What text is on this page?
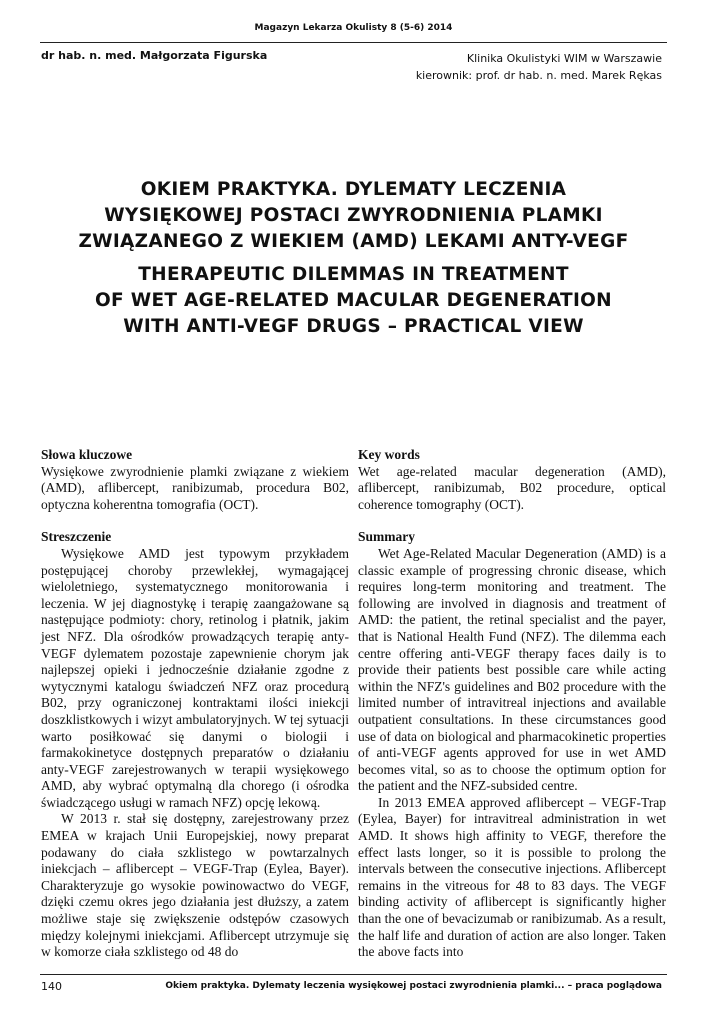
Magazyn Lekarza Okulisty 8 (5-6) 2014
dr hab. n. med. Małgorzata Figurska	Klinika Okulistyki WIM w Warszawie
kierownik: prof. dr hab. n. med. Marek Rękas
OKIEM PRAKTYKA. DYLEMATY LECZENIA
WYSIĘKOWEJ POSTACI ZWYRODNIENIA PLAMKI
ZWIĄZANEGO Z WIEKIEM (AMD) LEKAMI ANTY-VEGF
THERAPEUTIC DILEMMAS IN TREATMENT
OF WET AGE-RELATED MACULAR DEGENERATION
WITH ANTI-VEGF DRUGS – PRACTICAL VIEW
Słowa kluczowe

Wysiękowe zwyrodnienie plamki związane z wiekiem (AMD), aflibercept, ranibizumab, procedura B02, optyczna koherentna tomografia (OCT).

Streszczenie

Wysiękowe AMD jest typowym przykładem postępującej choroby przewlekłej, wymagającej wieloletniego, systematycznego monitorowania i leczenia. W jej diagnostykę i terapię zaangażowane są następujące podmioty: chory, retinolog i płatnik, jakim jest NFZ. Dla ośrodków prowadzących terapię anty-VEGF dylematem pozostaje zapewnienie chorym jak najlepszej opieki i jednocześnie działanie zgodne z wytycznymi katalogu świadczeń NFZ oraz procedurą B02, przy ograniczonej kontraktami ilości iniekcji doszklistkowych i wizyt ambulatoryjnych. W tej sytuacji warto posiłkować się danymi o biologii i farmakokinetyce dostępnych preparatów o działaniu anty-VEGF zarejestrowanych w terapii wysiękowego AMD, aby wybrać optymalną dla chorego (i ośrodka świadczącego usługi w ramach NFZ) opcję lekową.

W 2013 r. stał się dostępny, zarejestrowany przez EMEA w krajach Unii Europejskiej, nowy preparat podawany do ciała szklistego w powtarzalnych iniekcjach – aflibercept – VEGF-Trap (Eylea, Bayer). Charakteryzuje go wysokie powinowactwo do VEGF, dzięki czemu okres jego działania jest dłuższy, a zatem możliwe staje się zwiększenie odstępów czasowych między kolejnymi iniekcjami. Aflibercept utrzymuje się w komorze ciała szklistego od 48 do

Key words

Wet age-related macular degeneration (AMD), aflibercept, ranibizumab, B02 procedure, optical coherence tomography (OCT).

Summary

Wet Age-Related Macular Degeneration (AMD) is a classic example of progressing chronic disease, which requires long-term monitoring and treatment. The following are involved in diagnosis and treatment of AMD: the patient, the retinal specialist and the payer, that is National Health Fund (NFZ). The dilemma each centre offering anti-VEGF therapy faces daily is to provide their patients best possible care while acting within the NFZ's guidelines and B02 procedure with the limited number of intravitreal injections and available outpatient consultations. In these circumstances good use of data on biological and pharmacokinetic properties of anti-VEGF agents approved for use in wet AMD becomes vital, so as to choose the optimum option for the patient and the NFZ-subsided centre.

In 2013 EMEA approved aflibercept – VEGF-Trap (Eylea, Bayer) for intravitreal administration in wet AMD. It shows high affinity to VEGF, therefore the effect lasts longer, so it is possible to prolong the intervals between the consecutive injections. Aflibercept remains in the vitreous for 48 to 83 days. The VEGF binding activity of aflibercept is significantly higher than the one of bevacizumab or ranibizumab. As a result, the half life and duration of action are also longer. Taken the above facts into

140	Okiem praktyka. Dylematy leczenia wysiękowej postaci zwyrodnienia plamki... – praca poglądowa
